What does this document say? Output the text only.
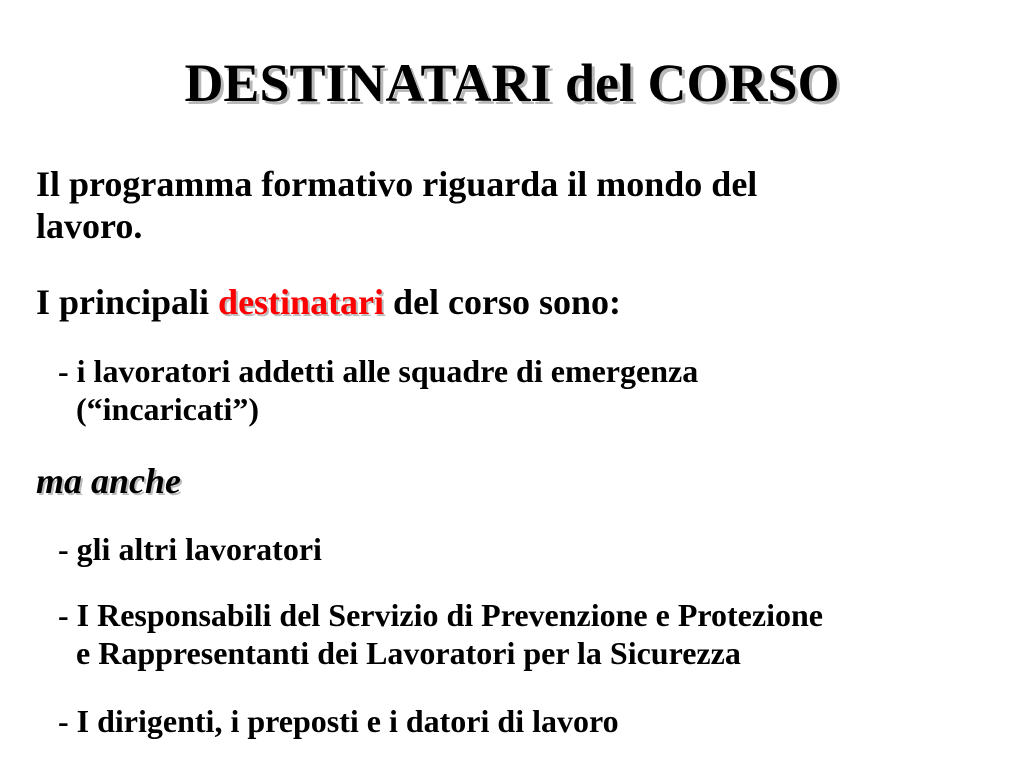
DESTINATARI del CORSO
Il programma formativo riguarda il mondo del
lavoro.
I principali destinatari del corso sono:
- i lavoratori addetti alle squadre di emergenza
(“incaricati”)
ma anche
- gli altri lavoratori
- I Responsabili del Servizio di Prevenzione e Protezione
e Rappresentanti dei Lavoratori per la Sicurezza
- I dirigenti, i preposti e i datori di lavoro
